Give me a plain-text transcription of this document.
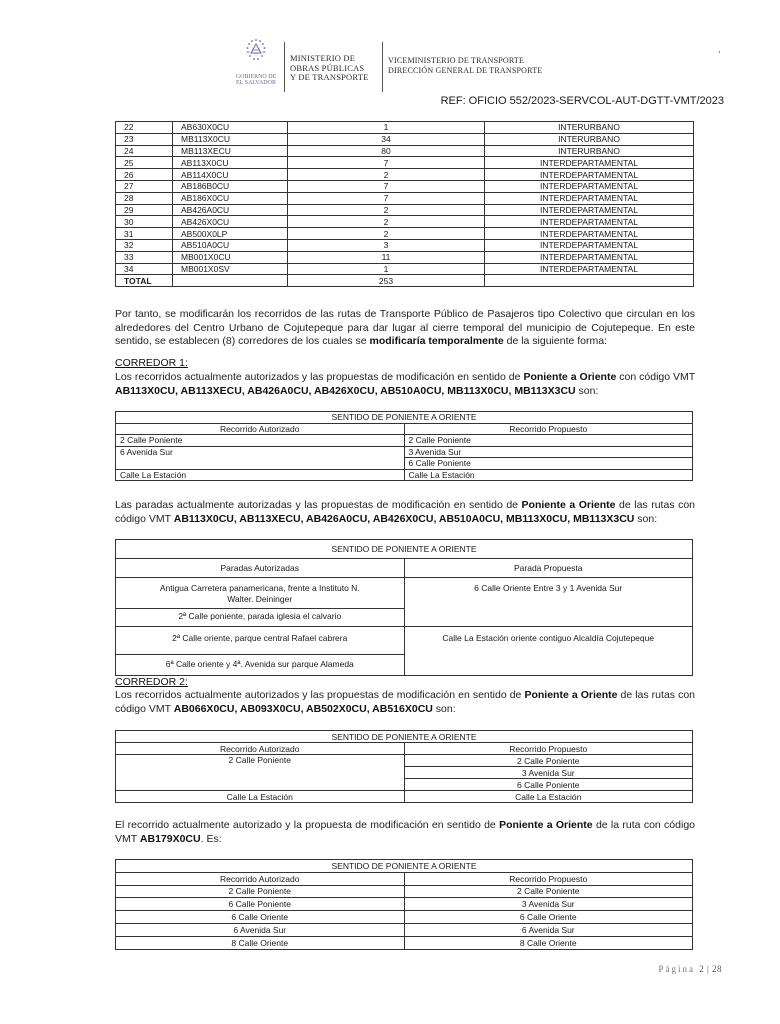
GOBIERNO DE
EL SALVADOR
MINISTERIO DE
OBRAS PÚBLICAS
Y DE TRANSPORTE
VICEMINISTERIO DE TRANSPORTE
DIRECCIÓN GENERAL DE TRANSPORTE
,
REF: OFICIO 552/2023-SERVCOL-AUT-DGTT-VMT/2023
22	AB630X0CU	1	INTERURBANO
23	MB113X0CU	34	INTERURBANO
24	MB113XECU	80	INTERURBANO
25	AB113X0CU	7	INTERDEPARTAMENTAL
26	AB114X0CU	2	INTERDEPARTAMENTAL
27	AB186B0CU	7	INTERDEPARTAMENTAL
28	AB186X0CU	7	INTERDEPARTAMENTAL
29	AB426A0CU	2	INTERDEPARTAMENTAL
30	AB426X0CU	2	INTERDEPARTAMENTAL
31	AB500X0LP	2	INTERDEPARTAMENTAL
32	AB510A0CU	3	INTERDEPARTAMENTAL
33	MB001X0CU	11	INTERDEPARTAMENTAL
34	MB001X0SV	1	INTERDEPARTAMENTAL
TOTAL		253	
Por tanto, se modificarán los recorridos de las rutas de Transporte Público de Pasajeros tipo Colectivo que circulan en los alrededores del Centro Urbano de Cojutepeque para dar lugar al cierre temporal del municipio de Cojutepeque. En este sentido, se establecen (8) corredores de los cuales se modificaría temporalmente de la siguiente forma:
CORREDOR 1:
Los recorridos actualmente autorizados y las propuestas de modificación en sentido de Poniente a Oriente con código VMT AB113X0CU, AB113XECU, AB426A0CU, AB426X0CU, AB510A0CU, MB113X0CU, MB113X3CU son:
SENTIDO DE PONIENTE A ORIENTE	
Recorrido Autorizado	Recorrido Propuesto
2 Calle Poniente	2 Calle Poniente
6 Avenida Sur	3 Avenida Sur
	6 Calle Poniente
Calle La Estación	Calle La Estación
Las paradas actualmente autorizadas y las propuestas de modificación en sentido de Poniente a Oriente de las rutas con código VMT AB113X0CU, AB113XECU, AB426A0CU, AB426X0CU, AB510A0CU, MB113X0CU, MB113X3CU son:
SENTIDO DE PONIENTE A ORIENTE	
Paradas Autorizadas	Parada Propuesta
Antigua Carretera panamericana, frente a Instituto N. Walter. Deininger	6 Calle Oriente Entre 3 y 1 Avenida Sur
2ª Calle poniente, parada iglesia el calvario	
2ª Calle oriente, parque central Rafael cabrera	Calle La Estación oriente contiguo Alcaldía Cojutepeque
6ª Calle oriente y 4ª. Avenida sur parque Alameda	
CORREDOR 2:
Los recorridos actualmente autorizados y las propuestas de modificación en sentido de Poniente a Oriente de las rutas con código VMT AB066X0CU, AB093X0CU, AB502X0CU, AB516X0CU son:
SENTIDO DE PONIENTE A ORIENTE	
Recorrido Autorizado	Recorrido Propuesto
2 Calle Poniente	2 Calle Poniente
	3 Avenida Sur
	6 Calle Poniente
Calle La Estación	Calle La Estación
El recorrido actualmente autorizado y la propuesta de modificación en sentido de Poniente a Oriente de la ruta con código VMT AB179X0CU. Es:
SENTIDO DE PONIENTE A ORIENTE	
Recorrido Autorizado	Recorrido Propuesto
2 Calle Poniente	2 Calle Poniente
6 Calle Poniente	3 Avenida Sur
6 Calle Oriente	6 Calle Oriente
6 Avenida Sur	6 Avenida Sur
8 Calle Oriente	8 Calle Oriente
Página 2 | 28
